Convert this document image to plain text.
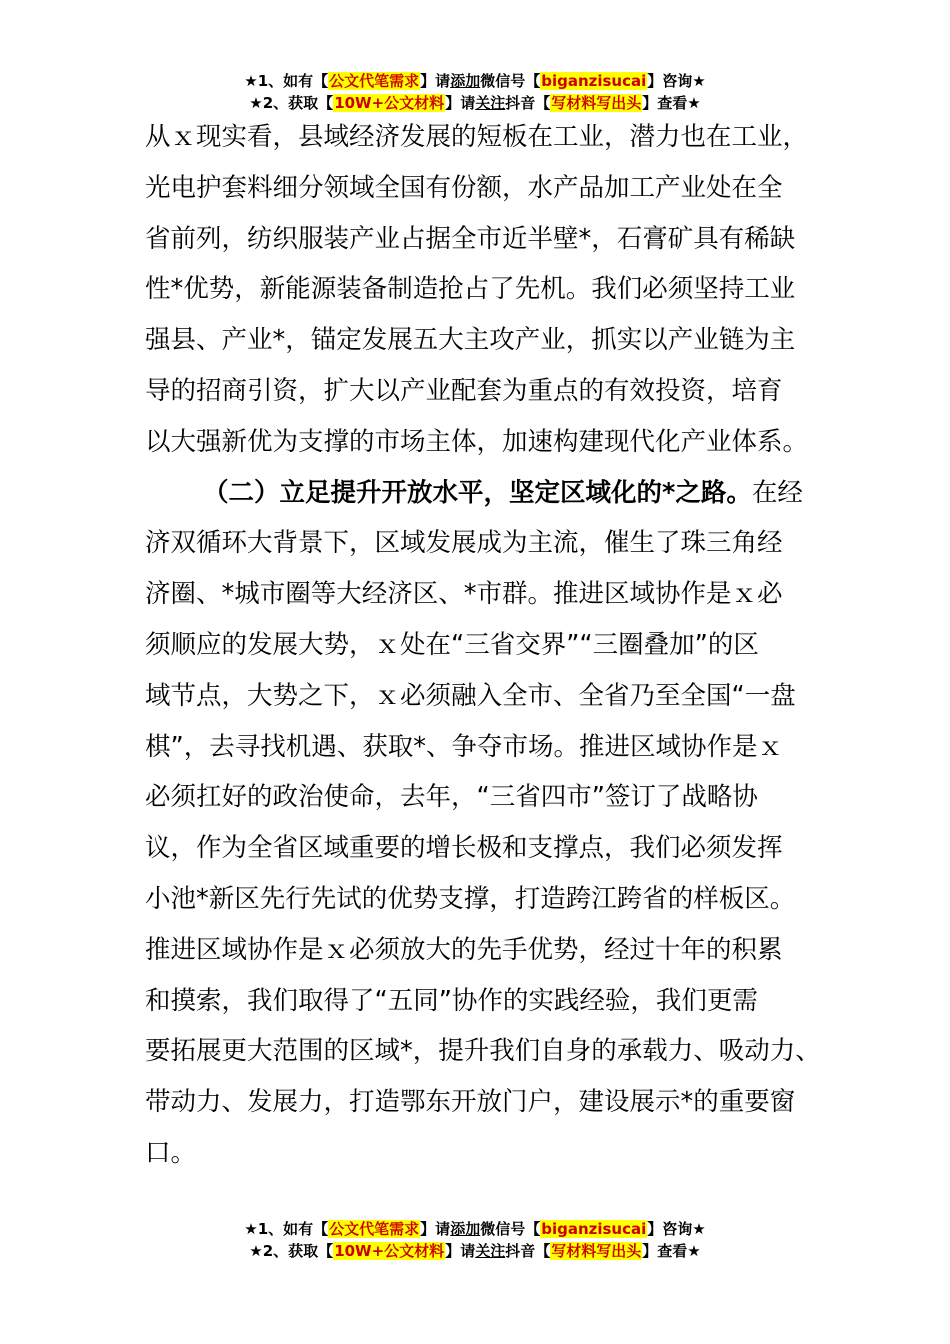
★1、如有【公文代笔需求】请添加微信号【biganzisucai】咨询★
★2、获取【10W+公文材料】请关注抖音【写材料写出头】查看★
从ｘ现实看，县域经济发展的短板在工业，潜力也在工业，
光电护套料细分领域全国有份额，水产品加工产业处在全
省前列，纺织服装产业占据全市近半壁*，石膏矿具有稀缺
性*优势，新能源装备制造抢占了先机。我们必须坚持工业
强县、产业*，锚定发展五大主攻产业，抓实以产业链为主
导的招商引资，扩大以产业配套为重点的有效投资，培育
以大强新优为支撑的市场主体，加速构建现代化产业体系。
（二）立足提升开放水平，坚定区域化的*之路。在经
济双循环大背景下，区域发展成为主流，催生了珠三角经
济圈、*城市圈等大经济区、*市群。推进区域协作是ｘ必
须顺应的发展大势，ｘ处在“三省交界”“三圈叠加”的区
域节点，大势之下，ｘ必须融入全市、全省乃至全国“一盘
棋”，去寻找机遇、获取*、争夺市场。推进区域协作是ｘ
必须扛好的政治使命，去年，“三省四市”签订了战略协
议，作为全省区域重要的增长极和支撑点，我们必须发挥
小池*新区先行先试的优势支撑，打造跨江跨省的样板区。
推进区域协作是ｘ必须放大的先手优势，经过十年的积累
和摸索，我们取得了“五同”协作的实践经验，我们更需
要拓展更大范围的区域*，提升我们自身的承载力、吸动力、
带动力、发展力，打造鄂东开放门户，建设展示*的重要窗
口。
★1、如有【公文代笔需求】请添加微信号【biganzisucai】咨询★
★2、获取【10W+公文材料】请关注抖音【写材料写出头】查看★
